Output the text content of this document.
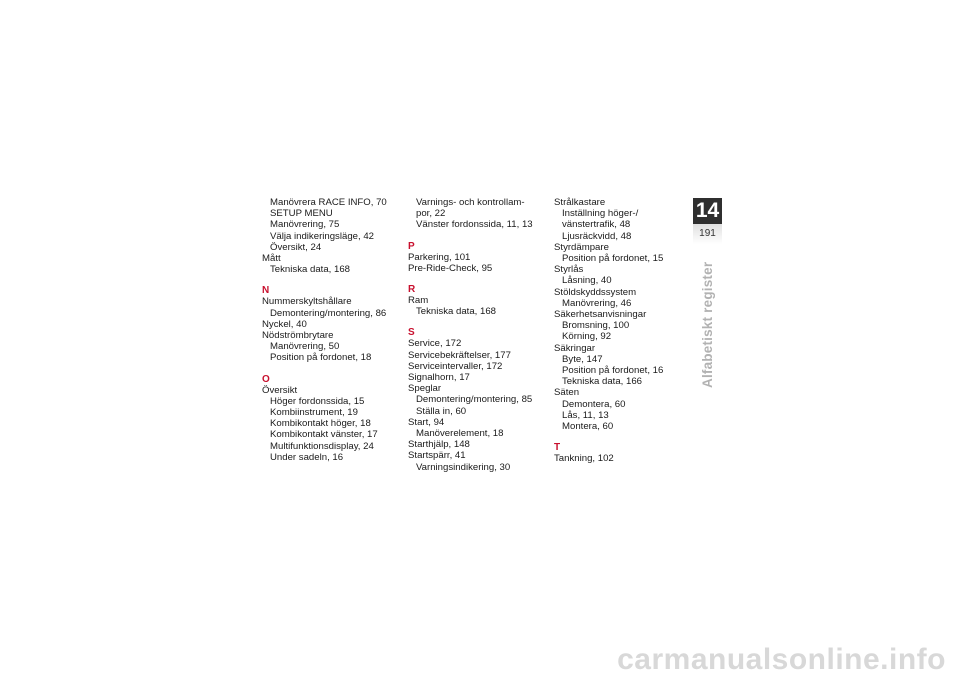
Manövrera RACE INFO, 70
SETUP MENU
Manövrering, 75
Välja indikeringsläge, 42
Översikt, 24
Mått
Tekniska data, 168
N
Nummerskyltshållare
Demontering/montering, 86
Nyckel, 40
Nödströmbrytare
Manövrering, 50
Position på fordonet, 18
O
Översikt
Höger fordonssida, 15
Kombiinstrument, 19
Kombikontakt höger, 18
Kombikontakt vänster, 17
Multifunktionsdisplay, 24
Under sadeln, 16
Varnings- och kontrollam-
por, 22
Vänster fordonssida, 11, 13
P
Parkering, 101
Pre-Ride-Check, 95
R
Ram
Tekniska data, 168
S
Service, 172
Servicebekräftelser, 177
Serviceintervaller, 172
Signalhorn, 17
Speglar
Demontering/montering, 85
Ställa in, 60
Start, 94
Manöverelement, 18
Starthjälp, 148
Startspärr, 41
Varningsindikering, 30
Strålkastare
Inställning höger-/
vänstertrafik, 48
Ljusräckvidd, 48
Styrdämpare
Position på fordonet, 15
Styrlås
Låsning, 40
Stöldskyddssystem
Manövrering, 46
Säkerhetsanvisningar
Bromsning, 100
Körning, 92
Säkringar
Byte, 147
Position på fordonet, 16
Tekniska data, 166
Säten
Demontera, 60
Lås, 11, 13
Montera, 60
T
Tankning, 102
14
191
Alfabetiskt register
carmanualsonline.info
